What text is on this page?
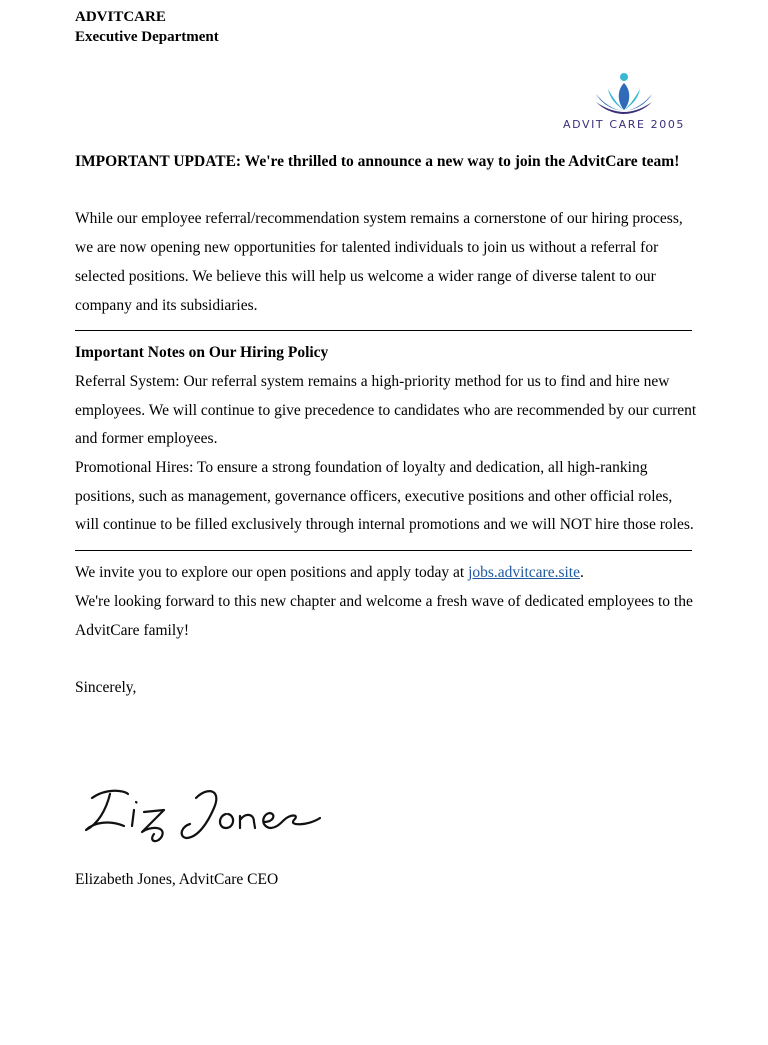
ADVITCARE
Executive Department
ADVIT CARE 2005

IMPORTANT UPDATE: We're thrilled to announce a new way to join the AdvitCare team!

While our employee referral/recommendation system remains a cornerstone of our hiring process, we are now opening new opportunities for talented individuals to join us without a referral for selected positions. We believe this will help us welcome a wider range of diverse talent to our company and its subsidiaries.

Important Notes on Our Hiring Policy

Referral System: Our referral system remains a high-priority method for us to find and hire new employees. We will continue to give precedence to candidates who are recommended by our current and former employees.

Promotional Hires: To ensure a strong foundation of loyalty and dedication, all high-ranking positions, such as management, governance officers, executive positions and other official roles, will continue to be filled exclusively through internal promotions and we will NOT hire those roles.

We invite you to explore our open positions and apply today at jobs.advitcare.site.

We're looking forward to this new chapter and welcome a fresh wave of dedicated employees to the AdvitCare family!

Sincerely,

Elizabeth Jones, AdvitCare CEO
